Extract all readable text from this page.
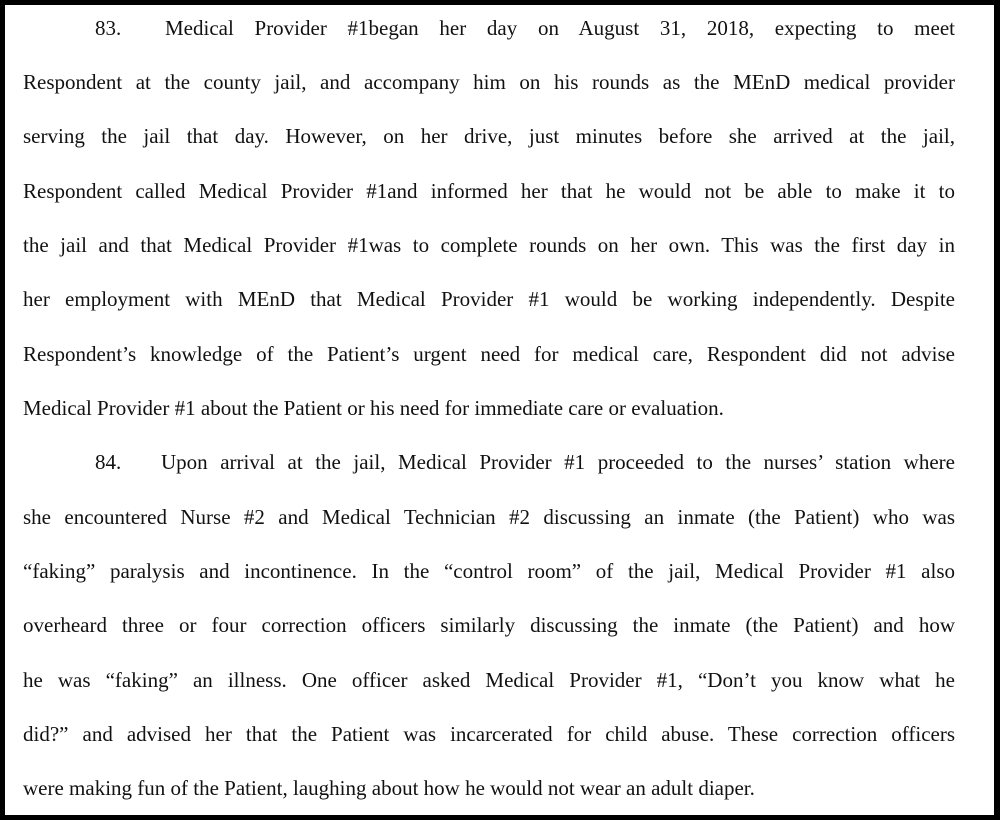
83. Medical Provider #1began her day on August 31, 2018, expecting to meet
Respondent at the county jail, and accompany him on his rounds as the MEnD medical provider
serving the jail that day. However, on her drive, just minutes before she arrived at the jail,
Respondent called Medical Provider #1and informed her that he would not be able to make it to
the jail and that Medical Provider #1was to complete rounds on her own. This was the first day in
her employment with MEnD that Medical Provider #1 would be working independently. Despite
Respondent’s knowledge of the Patient’s urgent need for medical care, Respondent did not advise
Medical Provider #1 about the Patient or his need for immediate care or evaluation.
84. Upon arrival at the jail, Medical Provider #1 proceeded to the nurses’ station where
she encountered Nurse #2 and Medical Technician #2 discussing an inmate (the Patient) who was
“faking” paralysis and incontinence. In the “control room” of the jail, Medical Provider #1 also
overheard three or four correction officers similarly discussing the inmate (the Patient) and how
he was “faking” an illness. One officer asked Medical Provider #1, “Don’t you know what he
did?” and advised her that the Patient was incarcerated for child abuse. These correction officers
were making fun of the Patient, laughing about how he would not wear an adult diaper.
